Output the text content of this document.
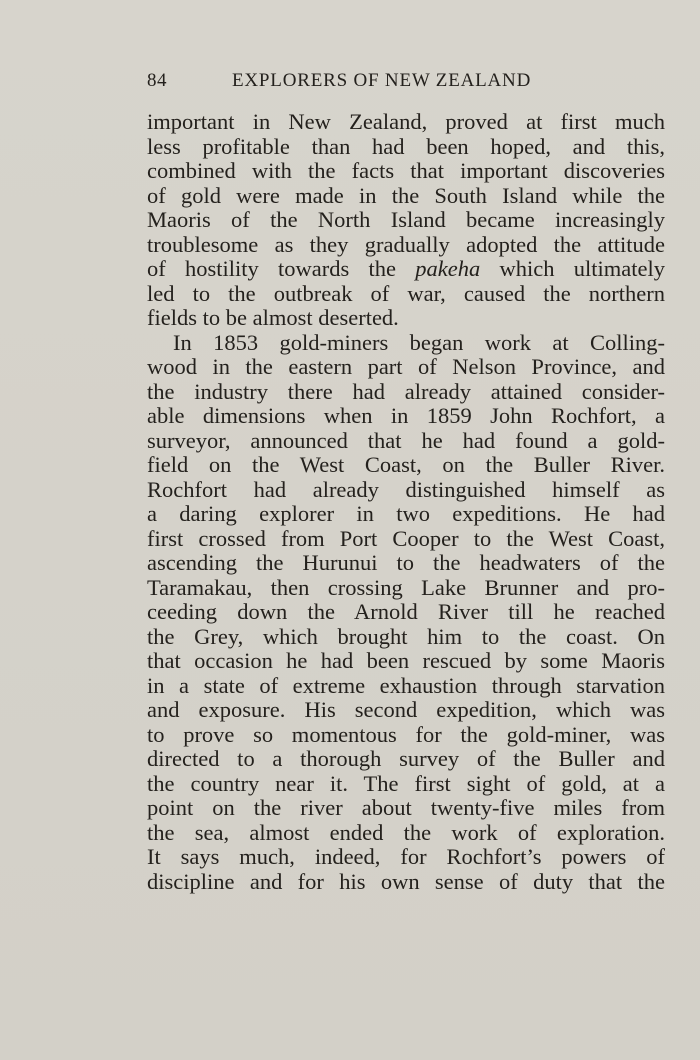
84	EXPLORERS OF NEW ZEALAND
important in New Zealand, proved at first much
less profitable than had been hoped, and this,
combined with the facts that important discoveries
of gold were made in the South Island while the
Maoris of the North Island became increasingly
troublesome as they gradually adopted the attitude
of hostility towards the pakeha which ultimately
led to the outbreak of war, caused the northern
fields to be almost deserted.
In 1853 gold-miners began work at Colling-
wood in the eastern part of Nelson Province, and
the industry there had already attained consider-
able dimensions when in 1859 John Rochfort, a
surveyor, announced that he had found a gold-
field on the West Coast, on the Buller River.
Rochfort had already distinguished himself as
a daring explorer in two expeditions. He had
first crossed from Port Cooper to the West Coast,
ascending the Hurunui to the headwaters of the
Taramakau, then crossing Lake Brunner and pro-
ceeding down the Arnold River till he reached
the Grey, which brought him to the coast. On
that occasion he had been rescued by some Maoris
in a state of extreme exhaustion through starvation
and exposure. His second expedition, which was
to prove so momentous for the gold-miner, was
directed to a thorough survey of the Buller and
the country near it. The first sight of gold, at a
point on the river about twenty-five miles from
the sea, almost ended the work of exploration.
It says much, indeed, for Rochfort’s powers of
discipline and for his own sense of duty that the
